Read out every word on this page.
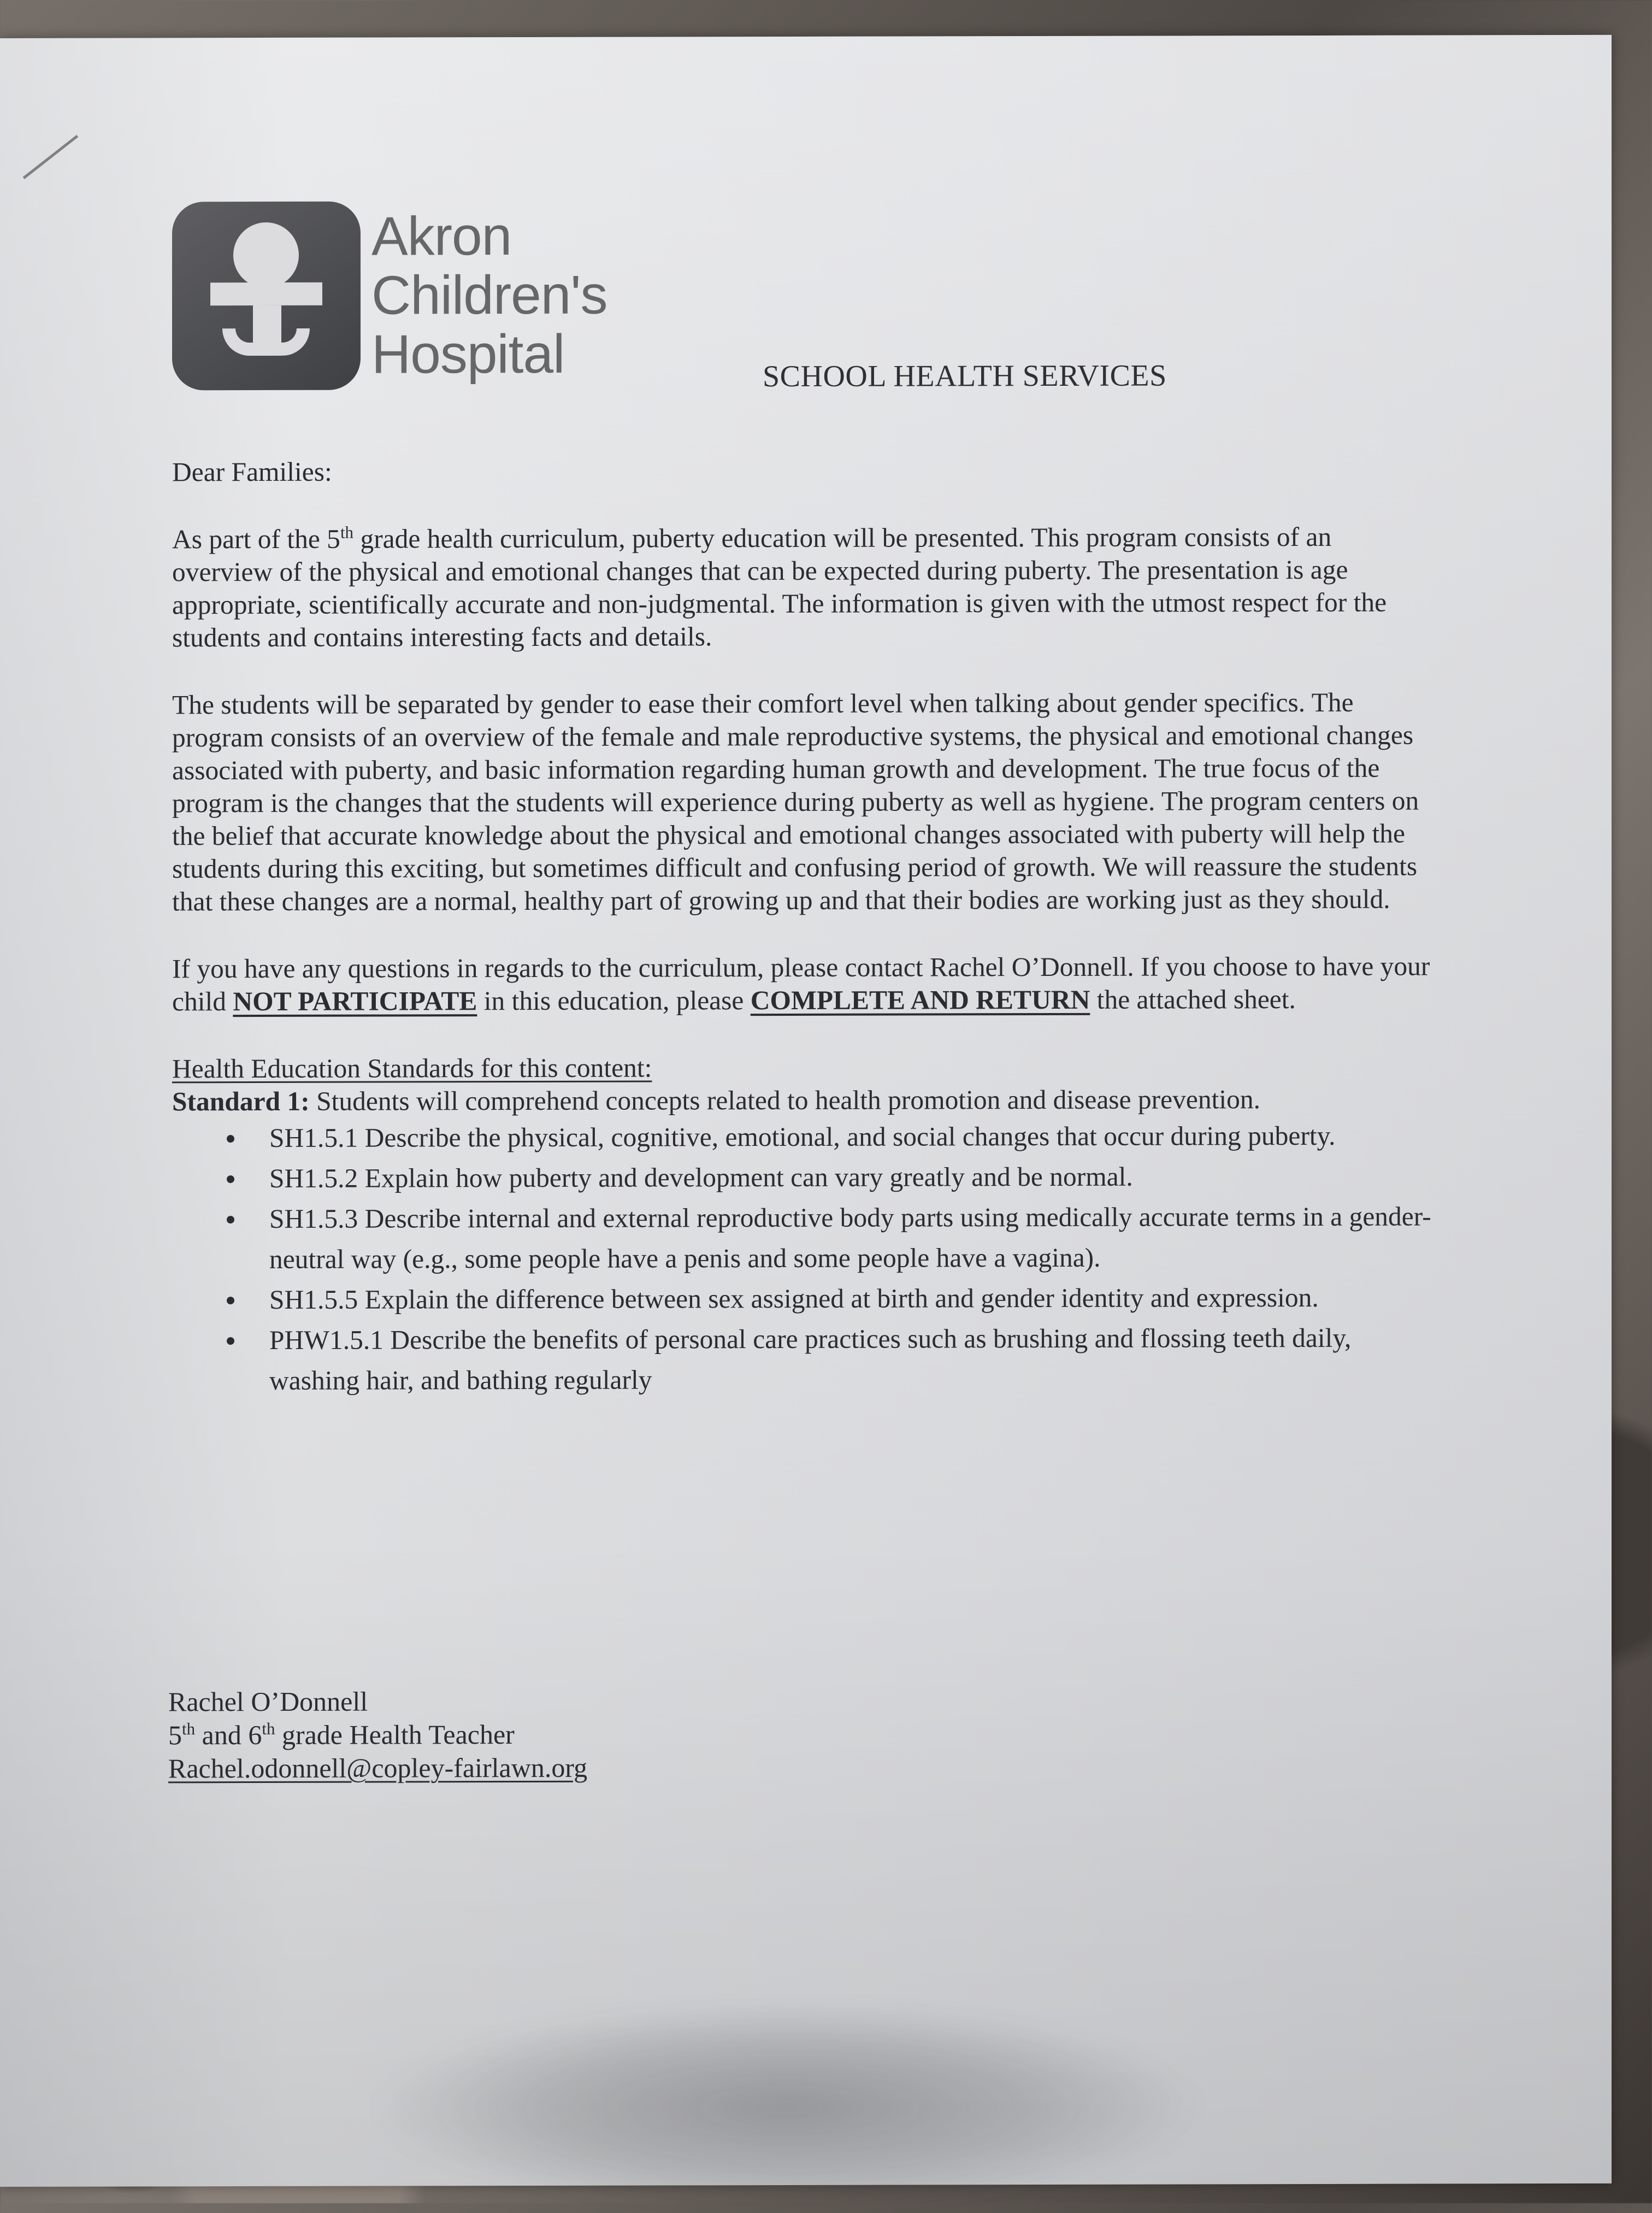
Akron
Children's
Hospital	SCHOOL HEALTH SERVICES

Dear Families:

As part of the 5th grade health curriculum, puberty education will be presented. This program consists of an overview of the physical and emotional changes that can be expected during puberty. The presentation is age appropriate, scientifically accurate and non-judgmental. The information is given with the utmost respect for the students and contains interesting facts and details.

The students will be separated by gender to ease their comfort level when talking about gender specifics. The program consists of an overview of the female and male reproductive systems, the physical and emotional changes associated with puberty, and basic information regarding human growth and development. The true focus of the program is the changes that the students will experience during puberty as well as hygiene. The program centers on the belief that accurate knowledge about the physical and emotional changes associated with puberty will help the students during this exciting, but sometimes difficult and confusing period of growth. We will reassure the students that these changes are a normal, healthy part of growing up and that their bodies are working just as they should.

If you have any questions in regards to the curriculum, please contact Rachel O’Donnell. If you choose to have your child NOT PARTICIPATE in this education, please COMPLETE AND RETURN the attached sheet.

Health Education Standards for this content:

Standard 1: Students will comprehend concepts related to health promotion and disease prevention.

SH1.5.1 Describe the physical, cognitive, emotional, and social changes that occur during puberty.
SH1.5.2 Explain how puberty and development can vary greatly and be normal.
SH1.5.3 Describe internal and external reproductive body parts using medically accurate terms in a gender-neutral way (e.g., some people have a penis and some people have a vagina).
SH1.5.5 Explain the difference between sex assigned at birth and gender identity and expression.
PHW1.5.1 Describe the benefits of personal care practices such as brushing and flossing teeth daily, washing hair, and bathing regularly
Rachel O’Donnell
5th and 6th grade Health Teacher
Rachel.odonnell@copley-fairlawn.org
